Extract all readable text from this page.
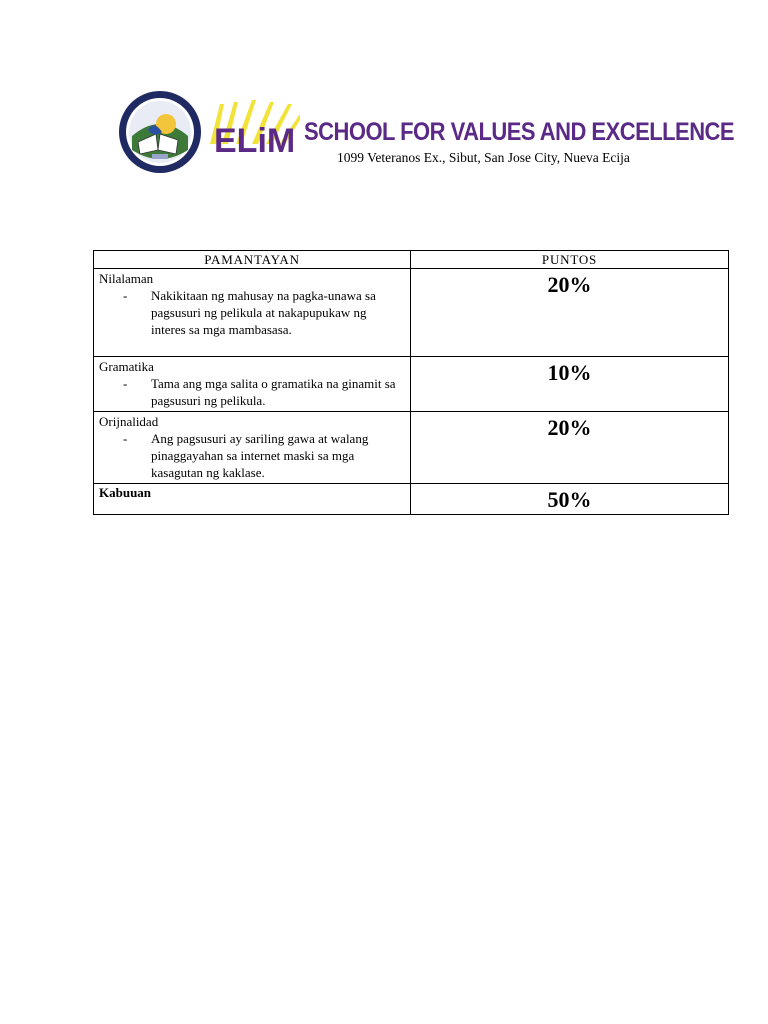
ELiM SCHOOL FOR VALUES AND EXCELLENCE
1099 Veteranos Ex., Sibut, San Jose City, Nueva Ecija
PAMANTAYAN	PUNTOS

Nilalaman
- Nakikitaan ng mahusay na pagka-unawa sa pagsusuri ng pelikula at nakapupukaw ng interes sa mga mambasasa.	20%

Gramatika
- Tama ang mga salita o gramatika na ginamit sa pagsusuri ng pelikula.	10%

Orijnalidad
- Ang pagsusuri ay sariling gawa at walang pinaggayahan sa internet maski sa mga kasagutan ng kaklase.	20%
Kabuuan	50%
